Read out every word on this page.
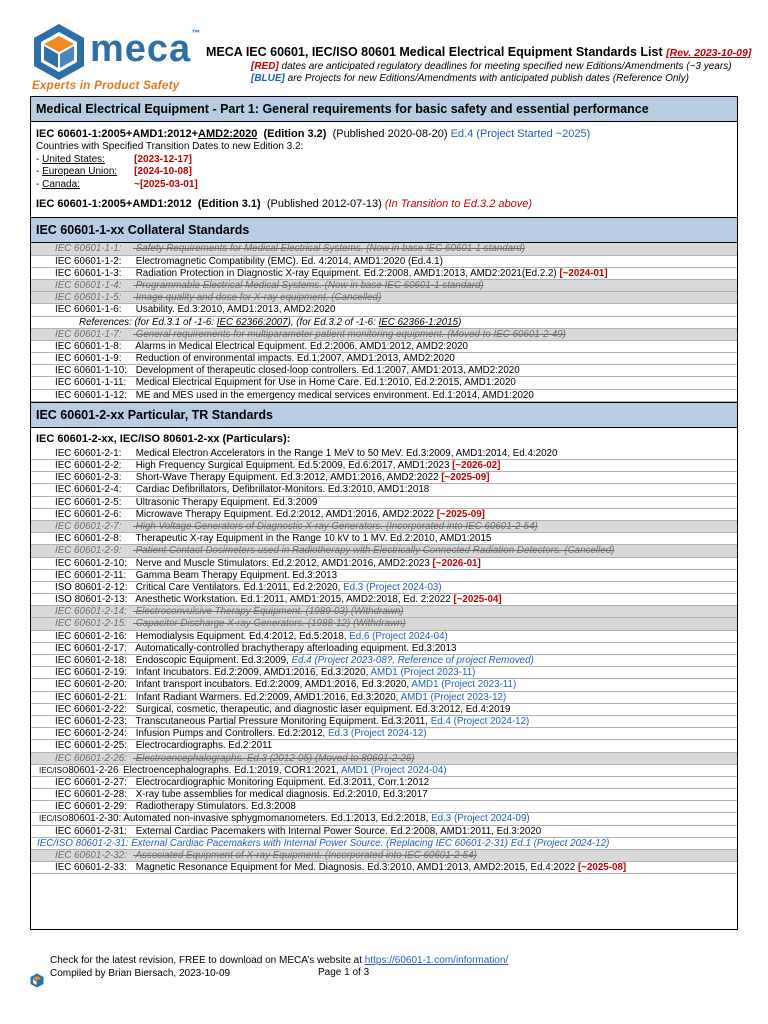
meca™
Experts in Product Safety
MECA IEC 60601, IEC/ISO 80601 Medical Electrical Equipment Standards List [Rev. 2023-10-09]
[RED] dates are anticipated regulatory deadlines for meeting specified new Editions/Amendments (~3 years)
[BLUE] are Projects for new Editions/Amendments with anticipated publish dates (Reference Only)
Medical Electrical Equipment - Part 1: General requirements for basic safety and essential performance
IEC 60601-1:2005+AMD1:2012+AMD2:2020 (Edition 3.2) (Published 2020-08-20) Ed.4 (Project Started ~2025)
Countries with Specified Transition Dates to new Edition 3.2:
- United States:	[2023-12-17]
- European Union: [2024-10-08]
- Canada:	~[2025-03-01]
IEC 60601-1:2005+AMD1:2012 (Edition 3.1) (Published 2012-07-13) (In Transition to Ed.3.2 above)
IEC 60601-1-xx Collateral Standards
IEC 60601-1-1: Safety Requirements for Medical Electrical Systems. (Now in base IEC 60601-1 standard)
IEC 60601-1-2: Electromagnetic Compatibility (EMC). Ed. 4:2014, AMD1:2020 (Ed.4.1)
IEC 60601-1-3: Radiation Protection in Diagnostic X-ray Equipment. Ed.2:2008, AMD1:2013, AMD2:2021(Ed.2.2) [~2024-01]
IEC 60601-1-4: Programmable Electrical Medical Systems. (Now in base IEC 60601-1 standard)
IEC 60601-1-5: Image quality and dose for X-ray equipment. (Cancelled)
IEC 60601-1-6: Usability. Ed.3:2010, AMD1:2013, AMD2:2020
References: (for Ed.3.1 of -1-6: IEC 62366:2007), (for Ed.3.2 of -1-6: IEC 62366-1:2015)
IEC 60601-1-7: General requirements for multiparameter patient monitoring equipment. (Moved to IEC 60601-2-49)
IEC 60601-1-8: Alarms in Medical Electrical Equipment. Ed.2:2006, AMD1:2012, AMD2:2020
IEC 60601-1-9: Reduction of environmental impacts. Ed.1:2007, AMD1:2013, AMD2:2020
IEC 60601-1-10: Development of therapeutic closed-loop controllers. Ed.1:2007, AMD1:2013, AMD2:2020
IEC 60601-1-11: Medical Electrical Equipment for Use in Home Care. Ed.1:2010, Ed.2:2015, AMD1:2020
IEC 60601-1-12: ME and MES used in the emergency medical services environment. Ed.1:2014, AMD1:2020
IEC 60601-2-xx Particular, TR Standards
IEC 60601-2-xx, IEC/ISO 80601-2-xx (Particulars):
IEC 60601-2-1: Medical Electron Accelerators in the Range 1 MeV to 50 MeV. Ed.3:2009, AMD1:2014, Ed.4:2020
IEC 60601-2-2: High Frequency Surgical Equipment. Ed.5:2009, Ed.6:2017, AMD1:2023 [~2026-02]
IEC 60601-2-3: Short-Wave Therapy Equipment. Ed.3:2012, AMD1:2016, AMD2:2022 [~2025-09]
IEC 60601-2-4: Cardiac Defibrillators, Defibrillator-Monitors. Ed.3:2010, AMD1:2018
IEC 60601-2-5: Ultrasonic Therapy Equipment. Ed.3:2009
IEC 60601-2-6: Microwave Therapy Equipment. Ed.2:2012, AMD1:2016, AMD2:2022 [~2025-09]
IEC 60601-2-7: High Voltage Generators of Diagnostic X-ray Generators. (Incorporated into IEC 60601-2-54)
IEC 60601-2-8: Therapeutic X-ray Equipment in the Range 10 kV to 1 MV. Ed.2:2010, AMD1:2015
IEC 60601-2-9: Patient Contact Dosimeters used in Radiotherapy with Electrically Connected Radiation Detectors. (Cancelled)
IEC 60601-2-10: Nerve and Muscle Stimulators. Ed.2:2012, AMD1:2016, AMD2:2023 [~2026-01]
IEC 60601-2-11: Gamma Beam Therapy Equipment. Ed.3:2013
ISO 80601-2-12: Critical Care Ventilators. Ed.1:2011, Ed.2:2020, Ed.3 (Project 2024-03)
ISO 80601-2-13: Anesthetic Workstation. Ed.1:2011, AMD1:2015, AMD2:2018, Ed. 2:2022 [~2025-04]
IEC 60601-2-14: Electroconvulsive Therapy Equipment. (1989-03) (Withdrawn)
IEC 60601-2-15: Capacitor Discharge X-ray Generators. (1988-12) (Withdrawn)
IEC 60601-2-16: Hemodialysis Equipment. Ed.4:2012, Ed.5:2018, Ed.6 (Project 2024-04)
IEC 60601-2-17: Automatically-controlled brachytherapy afterloading equipment. Ed.3:2013
IEC 60601-2-18: Endoscopic Equipment. Ed.3:2009, Ed.4 (Project 2023-08?, Reference of project Removed)
IEC 60601-2-19: Infant Incubators. Ed.2:2009, AMD1:2016, Ed.3:2020, AMD1 (Project 2023-11)
IEC 60601-2-20: Infant transport incubators. Ed.2:2009, AMD1:2016, Ed.3:2020, AMD1 (Project 2023-11)
IEC 60601-2-21: Infant Radiant Warmers. Ed.2:2009, AMD1:2016, Ed.3:2020, AMD1 (Project 2023-12)
IEC 60601-2-22: Surgical, cosmetic, therapeutic, and diagnostic laser equipment. Ed.3:2012, Ed.4:2019
IEC 60601-2-23: Transcutaneous Partial Pressure Monitoring Equipment. Ed.3:2011, Ed.4 (Project 2024-12)
IEC 60601-2-24: Infusion Pumps and Controllers. Ed.2:2012, Ed.3 (Project 2024-12)
IEC 60601-2-25: Electrocardiographs. Ed.2:2011
IEC 60601-2-26: Electroencephalographs. Ed.3 (2012-05) (Moved to 80601-2-26)
IEC/ISO80601-2-26 Electroencephalographs. Ed.1:2019, COR1:2021, AMD1 (Project 2024-04)
IEC 60601-2-27: Electrocardiographic Monitoring Equipment. Ed.3:2011, Corr.1:2012
IEC 60601-2-28: X-ray tube assemblies for medical diagnosis. Ed.2:2010, Ed.3:2017
IEC 60601-2-29: Radiotherapy Stimulators. Ed.3:2008
IEC/ISO80601-2-30: Automated non-invasive sphygmomanometers. Ed.1:2013, Ed.2:2018, Ed.3 (Project 2024-09)
IEC 60601-2-31: External Cardiac Pacemakers with Internal Power Source. Ed.2:2008, AMD1:2011, Ed.3:2020
IEC/ISO 80601-2-31: External Cardiac Pacemakers with Internal Power Source. (Replacing IEC 60601-2-31) Ed.1 (Project 2024-12)
IEC 60601-2-32: Associated Equipment of X-ray Equipment. (Incorporated into IEC 60601-2-54)
IEC 60601-2-33: Magnetic Resonance Equipment for Med. Diagnosis. Ed.3:2010, AMD1:2013, AMD2:2015, Ed.4:2022 [~2025-08]
Check for the latest revision, FREE to download on MECA’s website at https://60601-1.com/information/
Compiled by Brian Biersach, 2023-10-09	Page 1 of 3
